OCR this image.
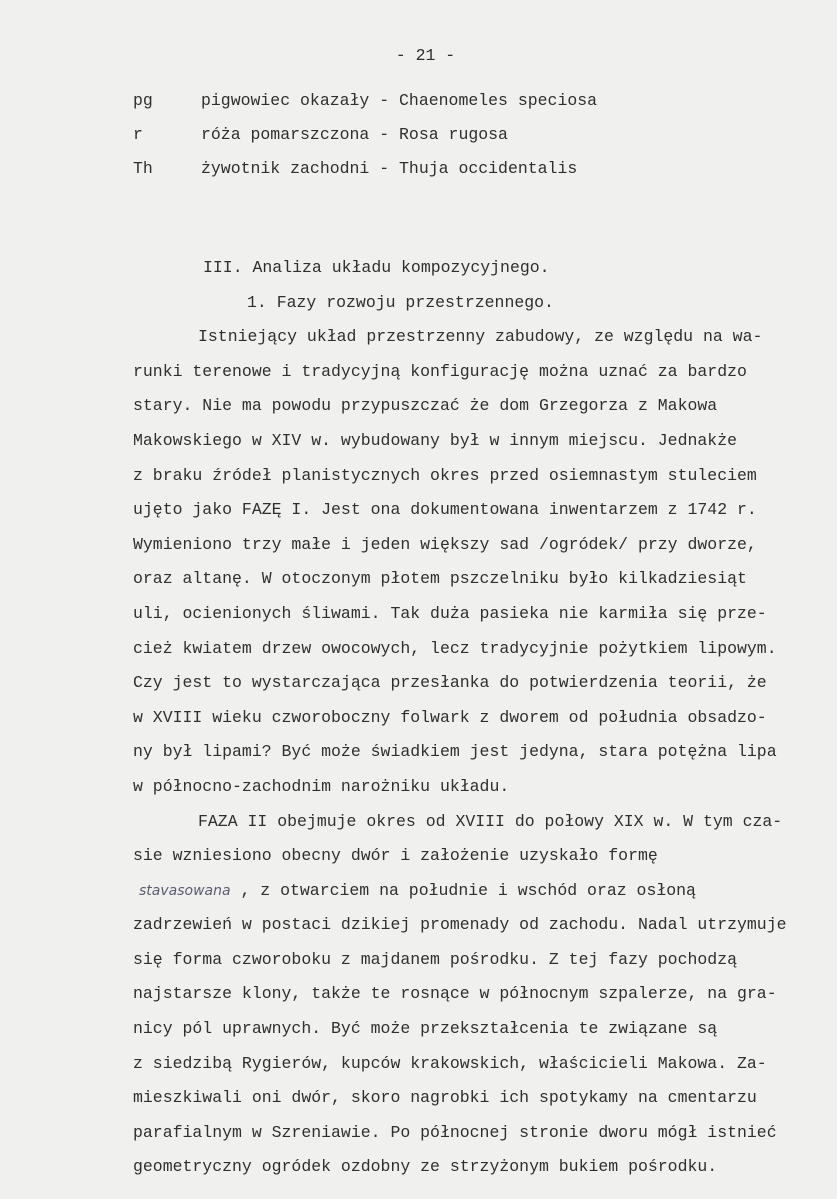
- 21 -
pg	pigwowiec okazały - Chaenomeles speciosa
r	róża pomarszczona - Rosa rugosa
Th	żywotnik zachodni - Thuja occidentalis
III. Analiza układu kompozycyjnego.
1. Fazy rozwoju przestrzennego.
Istniejący układ przestrzenny zabudowy, ze względu na wa-
runki terenowe i tradycyjną konfigurację można uznać za bardzo
stary. Nie ma powodu przypuszczać że dom Grzegorza z Makowa
Makowskiego w XIV w. wybudowany był w innym miejscu. Jednakże
z braku źródeł planistycznych okres przed osiemnastym stuleciem
ujęto jako FAZĘ I. Jest ona dokumentowana inwentarzem z 1742 r.
Wymieniono trzy małe i jeden większy sad /ogródek/ przy dworze,
oraz altanę. W otoczonym płotem pszczelniku było kilkadziesiąt
uli, ocienionych śliwami. Tak duża pasieka nie karmiła się prze-
cież kwiatem drzew owocowych, lecz tradycyjnie pożytkiem lipowym.
Czy jest to wystarczająca przesłanka do potwierdzenia teorii, że
w XVIII wieku czworoboczny folwark z dworem od południa obsadzo-
ny był lipami? Być może świadkiem jest jedyna, stara potężna lipa
w północno-zachodnim narożniku układu.
FAZA II obejmuje okres od XVIII do połowy XIX w. W tym cza-
sie wzniesiono obecny dwór i założenie uzyskało formę
stavasowana , z otwarciem na południe i wschód oraz osłoną
zadrzewień w postaci dzikiej promenady od zachodu. Nadal utrzymuje
się forma czworoboku z majdanem pośrodku. Z tej fazy pochodzą
najstarsze klony, także te rosnące w północnym szpalerze, na gra-
nicy pól uprawnych. Być może przekształcenia te związane są
z siedzibą Rygierów, kupców krakowskich, właścicieli Makowa. Za-
mieszkiwali oni dwór, skoro nagrobki ich spotykamy na cmentarzu
parafialnym w Szreniawie. Po północnej stronie dworu mógł istnieć
geometryczny ogródek ozdobny ze strzyżonym bukiem pośrodku.
